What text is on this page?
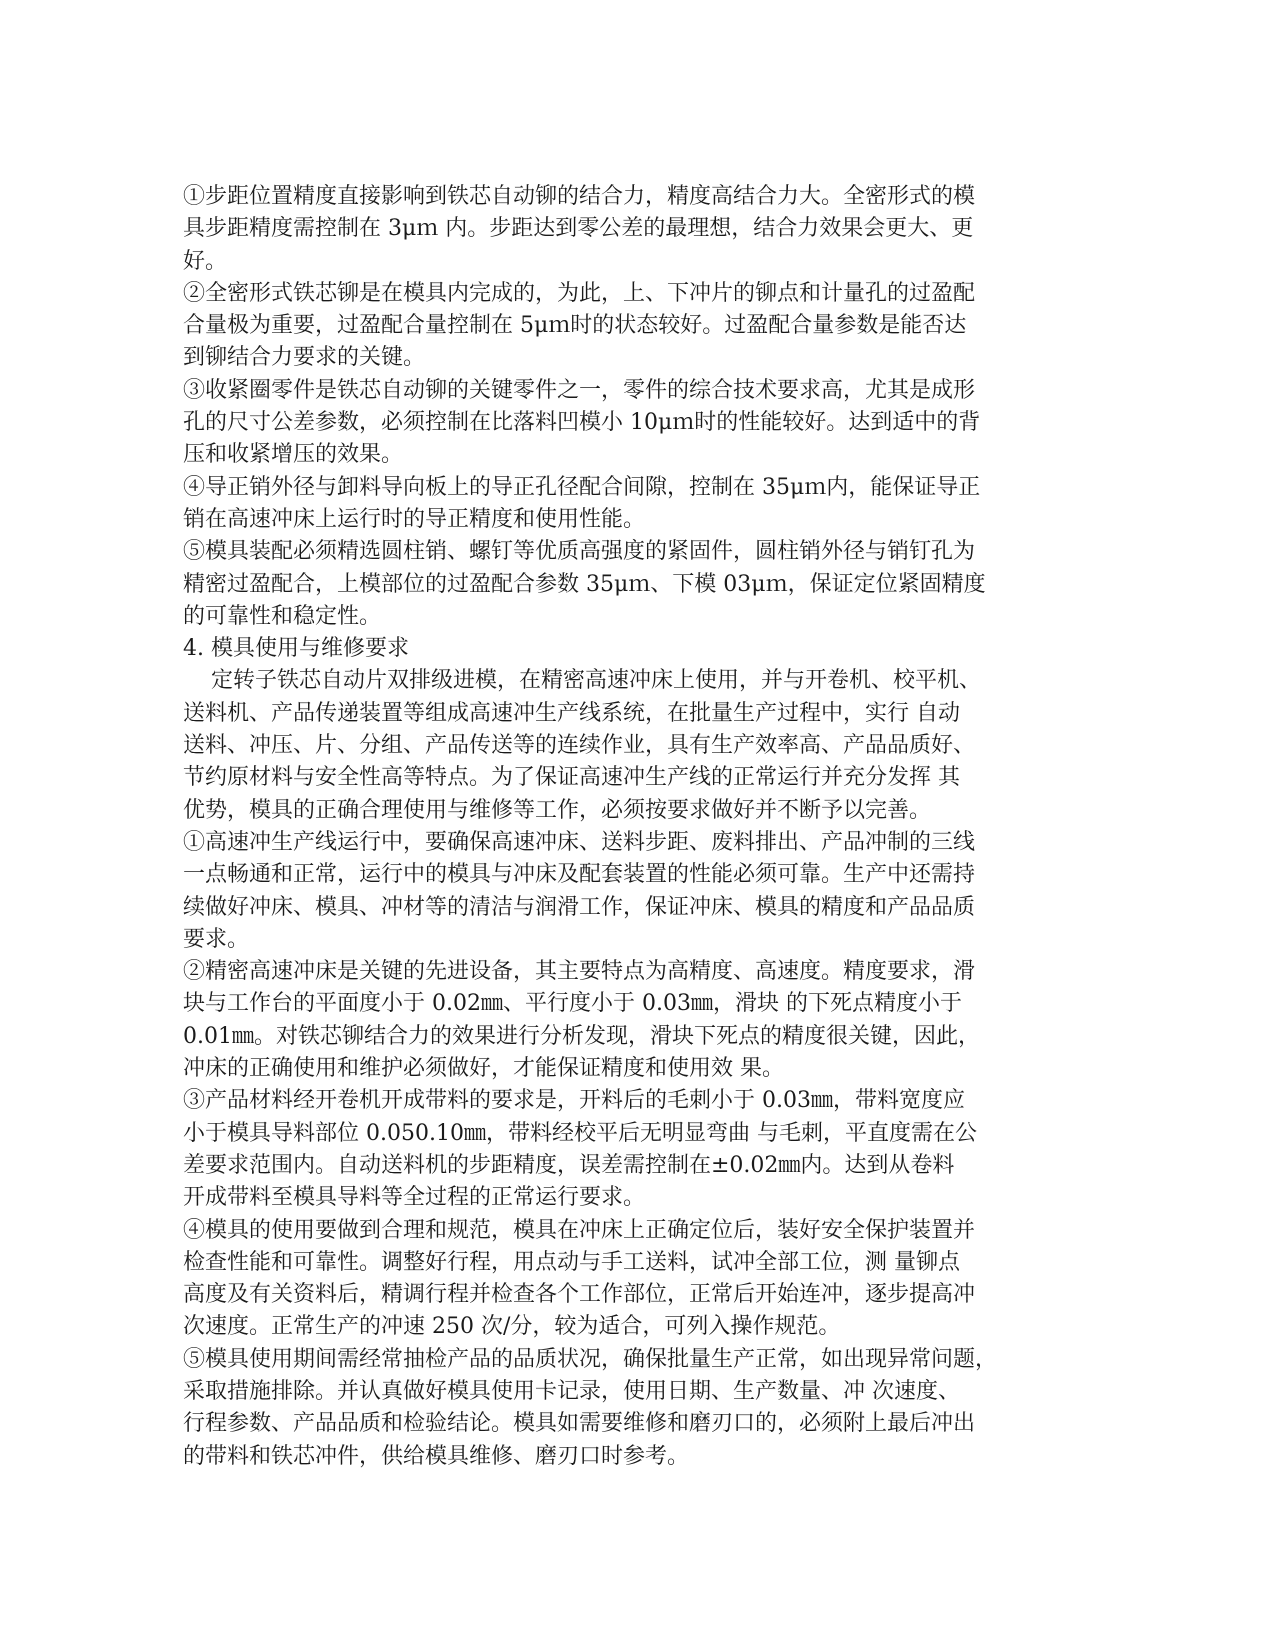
①步距位置精度直接影响到铁芯自动铆的结合力，精度高结合力大。全密形式的模
具步距精度需控制在 3μｍ 内。步距达到零公差的最理想，结合力效果会更大、更
好。
②全密形式铁芯铆是在模具内完成的，为此，上、下冲片的铆点和计量孔的过盈配
合量极为重要，过盈配合量控制在 5μｍ时的状态较好。过盈配合量参数是能否达
到铆结合力要求的关键。
③收紧圈零件是铁芯自动铆的关键零件之一，零件的综合技术要求高，尤其是成形
孔的尺寸公差参数，必须控制在比落料凹模小 10μｍ时的性能较好。达到适中的背
压和收紧增压的效果。
④导正销外径与卸料导向板上的导正孔径配合间隙，控制在 35μｍ内，能保证导正
销在高速冲床上运行时的导正精度和使用性能。
⑤模具装配必须精选圆柱销、螺钉等优质高强度的紧固件，圆柱销外径与销钉孔为
精密过盈配合，上模部位的过盈配合参数 35μｍ、下模 03μｍ，保证定位紧固精度
的可靠性和稳定性。
4. 模具使用与维修要求
定转子铁芯自动片双排级进模，在精密高速冲床上使用，并与开卷机、校平机、
送料机、产品传递装置等组成高速冲生产线系统，在批量生产过程中，实行 自动
送料、冲压、片、分组、产品传送等的连续作业，具有生产效率高、产品品质好、
节约原材料与安全性高等特点。为了保证高速冲生产线的正常运行并充分发挥 其
优势，模具的正确合理使用与维修等工作，必须按要求做好并不断予以完善。
①高速冲生产线运行中，要确保高速冲床、送料步距、废料排出、产品冲制的三线
一点畅通和正常，运行中的模具与冲床及配套装置的性能必须可靠。生产中还需持
续做好冲床、模具、冲材等的清洁与润滑工作，保证冲床、模具的精度和产品品质
要求。
②精密高速冲床是关键的先进设备，其主要特点为高精度、高速度。精度要求，滑
块与工作台的平面度小于 0.02㎜、平行度小于 0.03㎜，滑块 的下死点精度小于
0.01㎜。对铁芯铆结合力的效果进行分析发现，滑块下死点的精度很关键，因此，
冲床的正确使用和维护必须做好，才能保证精度和使用效 果。
③产品材料经开卷机开成带料的要求是，开料后的毛刺小于 0.03㎜，带料宽度应
小于模具导料部位 0.050.10㎜，带料经校平后无明显弯曲 与毛刺，平直度需在公
差要求范围内。自动送料机的步距精度，误差需控制在±0.02㎜内。达到从卷料
开成带料至模具导料等全过程的正常运行要求。
④模具的使用要做到合理和规范，模具在冲床上正确定位后，装好安全保护装置并
检查性能和可靠性。调整好行程，用点动与手工送料，试冲全部工位，测 量铆点
高度及有关资料后，精调行程并检查各个工作部位，正常后开始连冲，逐步提高冲
次速度。正常生产的冲速 250 次/分，较为适合，可列入操作规范。
⑤模具使用期间需经常抽检产品的品质状况，确保批量生产正常，如出现异常问题，
采取措施排除。并认真做好模具使用卡记录，使用日期、生产数量、冲 次速度、
行程参数、产品品质和检验结论。模具如需要维修和磨刃口的，必须附上最后冲出
的带料和铁芯冲件，供给模具维修、磨刃口时参考。
